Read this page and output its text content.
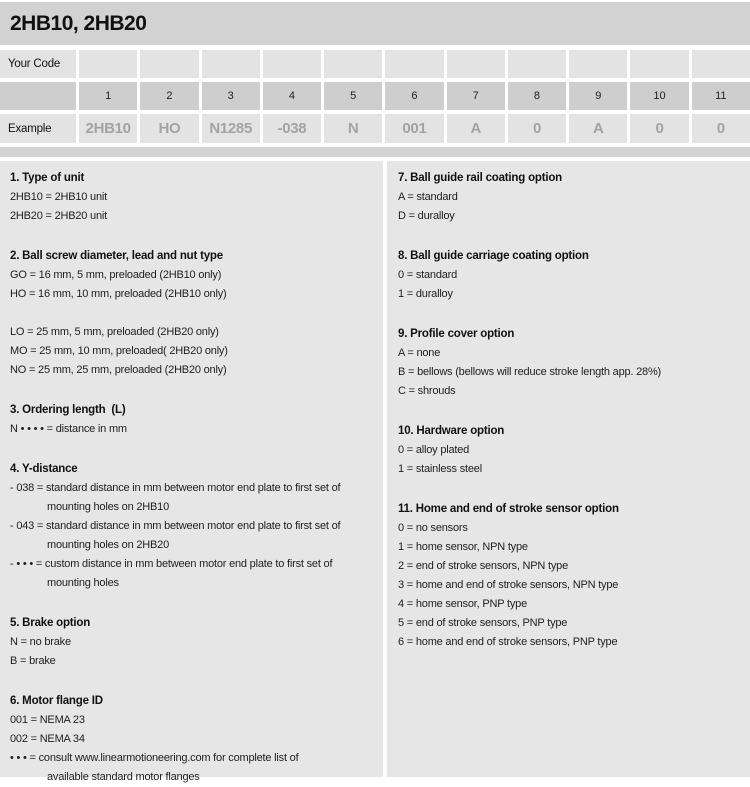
2HB10, 2HB20
Your Code
1	2	3	4	5	6	7	8	9	10	11
Example	2HB10	HO	N1285	-038	N	001	A	0	A	0	0
1. Type of unit
2HB10 = 2HB10 unit
2HB20 = 2HB20 unit
2. Ball screw diameter, lead and nut type
GO = 16 mm, 5 mm, preloaded (2HB10 only)
HO = 16 mm, 10 mm, preloaded (2HB10 only)
LO = 25 mm, 5 mm, preloaded (2HB20 only)
MO = 25 mm, 10 mm, preloaded( 2HB20 only)
NO = 25 mm, 25 mm, preloaded (2HB20 only)
3. Ordering length  (L)
N • • • • = distance in mm
4. Y-distance
- 038 = standard distance in mm between motor end plate to first set of
mounting holes on 2HB10
- 043 = standard distance in mm between motor end plate to first set of
mounting holes on 2HB20
- • • • = custom distance in mm between motor end plate to first set of
mounting holes
5. Brake option
N = no brake
B = brake
6. Motor flange ID
001 = NEMA 23
002 = NEMA 34
• • • = consult www.linearmotioneering.com for complete list of
available standard motor flanges
7. Ball guide rail coating option
A = standard
D = duralloy
8. Ball guide carriage coating option
0 = standard
1 = duralloy
9. Profile cover option
A = none
B = bellows (bellows will reduce stroke length app. 28%)
C = shrouds
10. Hardware option
0 = alloy plated
1 = stainless steel
11. Home and end of stroke sensor option
0 = no sensors
1 = home sensor, NPN type
2 = end of stroke sensors, NPN type
3 = home and end of stroke sensors, NPN type
4 = home sensor, PNP type
5 = end of stroke sensors, PNP type
6 = home and end of stroke sensors, PNP type
